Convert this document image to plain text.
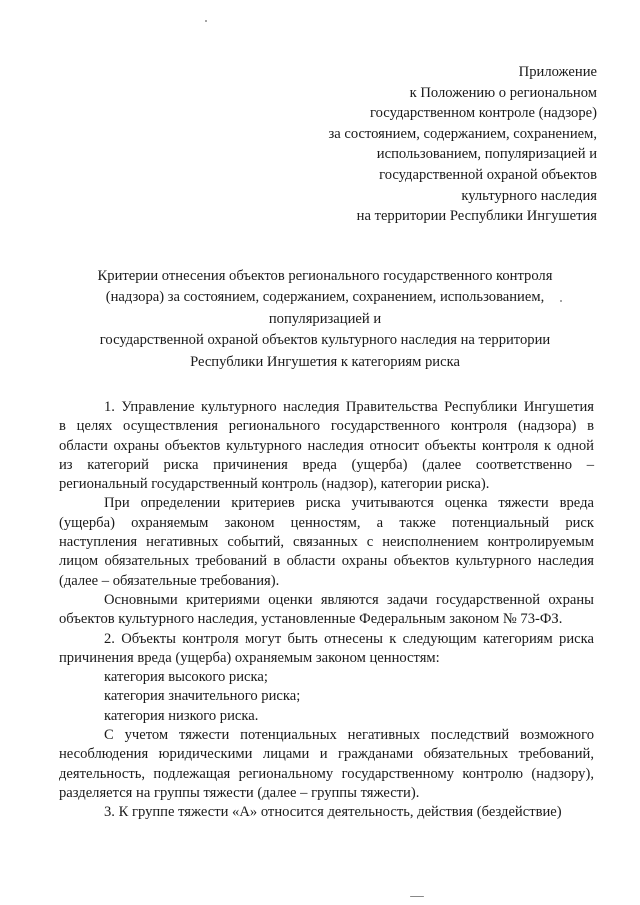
Приложение
к Положению о региональном
государственном контроле (надзоре)
за состоянием, содержанием, сохранением,
использованием, популяризацией и
государственной охраной объектов
культурного наследия
на территории Республики Ингушетия
Критерии отнесения объектов регионального государственного контроля
(надзора) за состоянием, содержанием, сохранением, использованием,
популяризацией и
государственной охраной объектов культурного наследия на территории
Республики Ингушетия к категориям риска

1. Управление культурного наследия Правительства Республики Ингушетия
в целях осуществления регионального государственного контроля (надзора) в
области охраны объектов культурного наследия относит объекты контроля к одной
из категорий риска причинения вреда (ущерба) (далее соответственно –
региональный государственный контроль (надзор), категории риска).

При определении критериев риска учитываются оценка тяжести вреда
(ущерба) охраняемым законом ценностям, а также потенциальный риск
наступления негативных событий, связанных с неисполнением контролируемым
лицом обязательных требований в области охраны объектов культурного наследия
(далее – обязательные требования).

Основными критериями оценки являются задачи государственной охраны
объектов культурного наследия, установленные Федеральным законом № 73-ФЗ.

2. Объекты контроля могут быть отнесены к следующим категориям риска
причинения вреда (ущерба) охраняемым законом ценностям:

категория высокого риска;

категория значительного риска;

категория низкого риска.

С учетом тяжести потенциальных негативных последствий возможного
несоблюдения юридическими лицами и гражданами обязательных требований,
деятельность, подлежащая региональному государственному контролю (надзору),
разделяется на группы тяжести (далее – группы тяжести).

3. К группе тяжести «А» относится деятельность, действия (бездействие)
